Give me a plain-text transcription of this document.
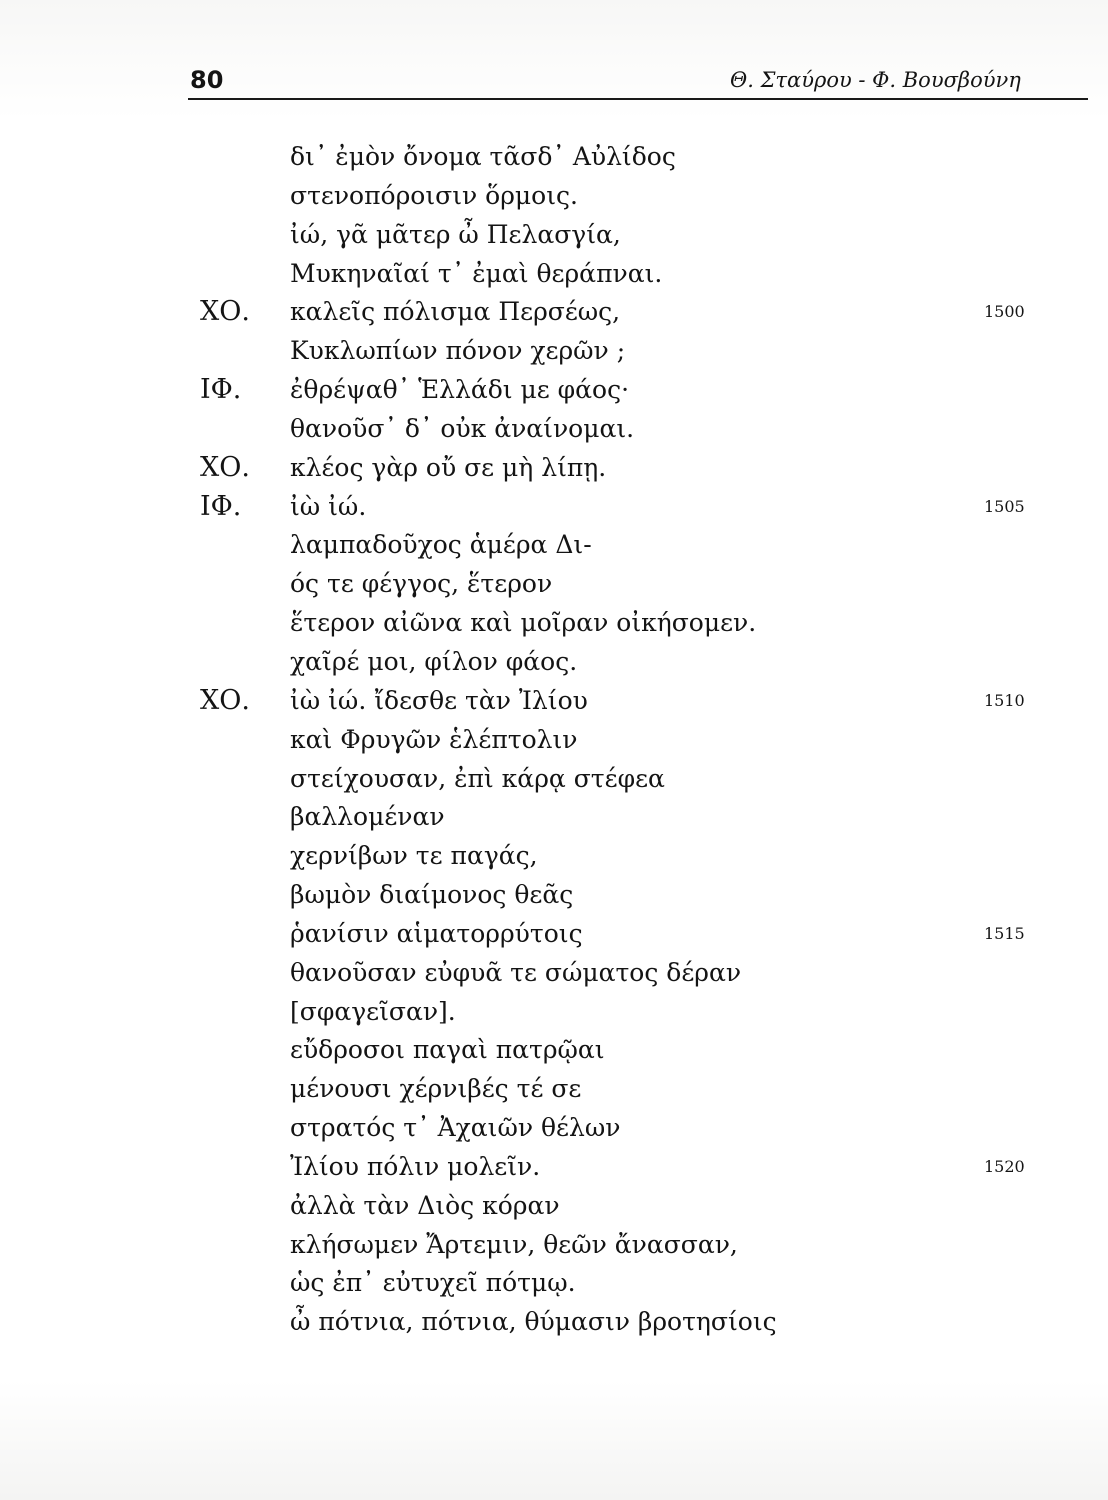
80	Θ. Σταύρου - Φ. Βουσβούνη
δι᾽ ἐμὸν ὄνομα τᾶσδ᾽ Αὐλίδος
στενοπόροισιν ὅρμοις.
ἰώ, γᾶ μᾶτερ ὦ Πελασγία,
Μυκηναῖαί τ᾽ ἐμαὶ θεράπναι.
ΧΟ. καλεῖς πόλισμα Περσέως,	1500
Κυκλωπίων πόνον χερῶν ;
ΙΦ. ἐθρέψαθ᾽ Ἑλλάδι με φάος·
θανοῦσ᾽ δ᾽ οὐκ ἀναίνομαι.
ΧΟ. κλέος γὰρ οὔ σε μὴ λίπῃ.
ΙΦ. ἰὼ ἰώ.	1505
λαμπαδοῦχος ἁμέρα Δι-
ός τε φέγγος, ἕτερον
ἕτερον αἰῶνα καὶ μοῖραν οἰκήσομεν.
χαῖρέ μοι, φίλον φάος.
ΧΟ. ἰὼ ἰώ. ἴδεσθε τὰν Ἰλίου	1510
καὶ Φρυγῶν ἑλέπτολιν
στείχουσαν, ἐπὶ κάρᾳ στέφεα
βαλλομέναν
χερνίβων τε παγάς,
βωμὸν διαίμονος θεᾶς
ῥανίσιν αἱματορρύτοις	1515
θανοῦσαν εὐφυᾶ τε σώματος δέραν
[σφαγεῖσαν].
εὔδροσοι παγαὶ πατρῷαι
μένουσι χέρνιβές τέ σε
στρατός τ᾽ Ἀχαιῶν θέλων
Ἰλίου πόλιν μολεῖν.	1520
ἀλλὰ τὰν Διὸς κόραν
κλήσωμεν Ἄρτεμιν, θεῶν ἄνασσαν,
ὡς ἐπ᾽ εὐτυχεῖ πότμῳ.
ὦ πότνια, πότνια, θύμασιν βροτησίοις
